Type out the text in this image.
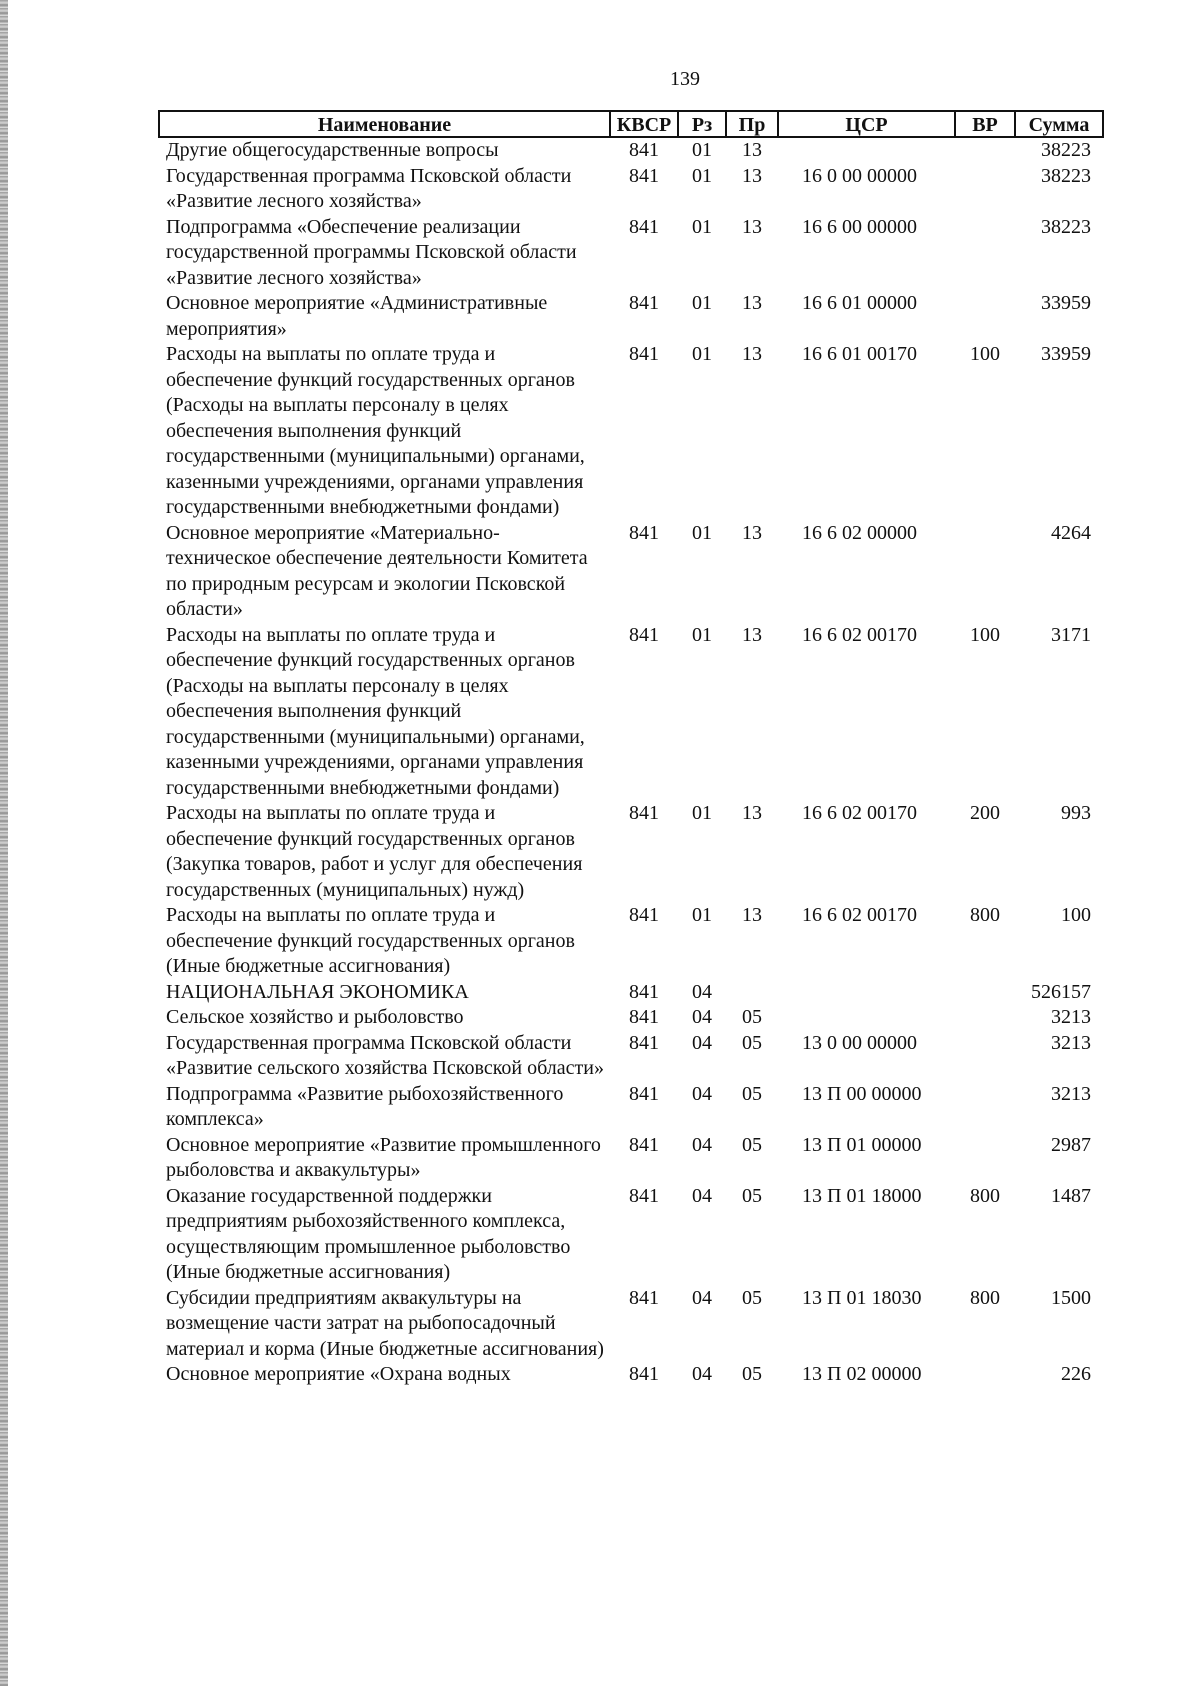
139
Наименование	КВСР	Рз	Пр	ЦСР	ВР	Сумма
Другие общегосударственные вопросы	841	01	13			38223
Государственная программа Псковской области «Развитие лесного хозяйства»	841	01	13	16 0 00 00000		38223
Подпрограмма «Обеспечение реализации государственной программы Псковской области «Развитие лесного хозяйства»	841	01	13	16 6 00 00000		38223
Основное мероприятие «Административные мероприятия»	841	01	13	16 6 01 00000		33959
Расходы на выплаты по оплате труда и обеспечение функций государственных органов (Расходы на выплаты персоналу в целях обеспечения выполнения функций государственными (муниципальными) органами, казенными учреждениями, органами управления государственными внебюджетными фондами)	841	01	13	16 6 01 00170	100	33959
Основное мероприятие «Материально-техническое обеспечение деятельности Комитета по природным ресурсам и экологии Псковской области»	841	01	13	16 6 02 00000		4264
Расходы на выплаты по оплате труда и обеспечение функций государственных органов (Расходы на выплаты персоналу в целях обеспечения выполнения функций государственными (муниципальными) органами, казенными учреждениями, органами управления государственными внебюджетными фондами)	841	01	13	16 6 02 00170	100	3171
Расходы на выплаты по оплате труда и обеспечение функций государственных органов (Закупка товаров, работ и услуг для обеспечения государственных (муниципальных) нужд)	841	01	13	16 6 02 00170	200	993
Расходы на выплаты по оплате труда и обеспечение функций государственных органов (Иные бюджетные ассигнования)	841	01	13	16 6 02 00170	800	100
НАЦИОНАЛЬНАЯ ЭКОНОМИКА	841	04				526157
Сельское хозяйство и рыболовство	841	04	05			3213
Государственная программа Псковской области «Развитие сельского хозяйства Псковской области»	841	04	05	13 0 00 00000		3213
Подпрограмма «Развитие рыбохозяйственного комплекса»	841	04	05	13 П 00 00000		3213
Основное мероприятие «Развитие промышленного рыболовства и аквакультуры»	841	04	05	13 П 01 00000		2987
Оказание государственной поддержки предприятиям рыбохозяйственного комплекса, осуществляющим промышленное рыболовство (Иные бюджетные ассигнования)	841	04	05	13 П 01 18000	800	1487
Субсидии предприятиям аквакультуры на возмещение части затрат на рыбопосадочный материал и корма (Иные бюджетные ассигнования)	841	04	05	13 П 01 18030	800	1500
Основное мероприятие «Охрана водных	841	04	05	13 П 02 00000		226
